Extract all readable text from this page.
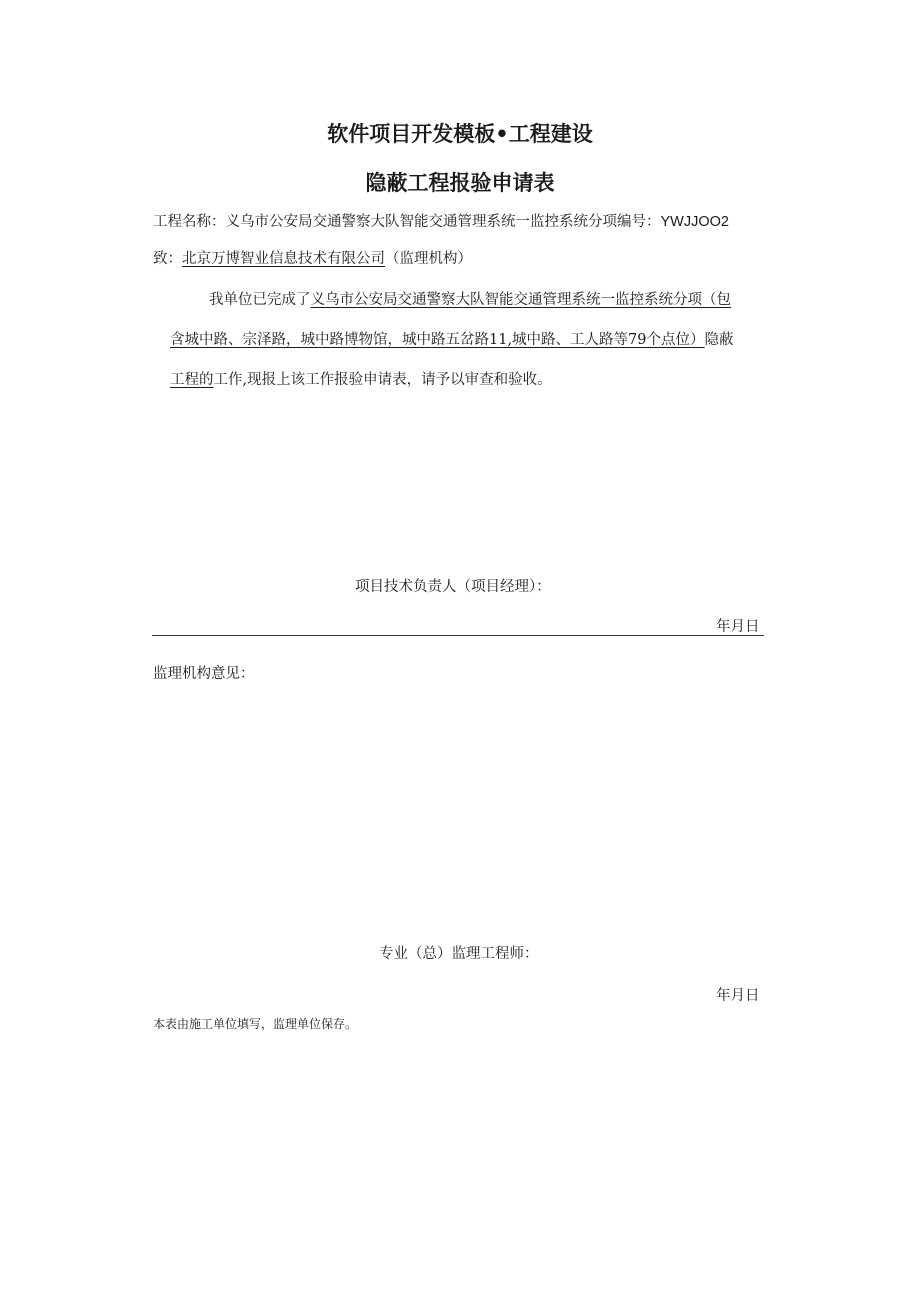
软件项目开发模板•工程建设
隐蔽工程报验申请表
工程名称：义乌市公安局交通警察大队智能交通管理系统一监控系统分项编号：YWJJOO2
致：北京万博智业信息技术有限公司（监理机构）
我单位已完成了义乌市公安局交通警察大队智能交通管理系统一监控系统分项（包
含城中路、宗泽路，城中路博物馆，城中路五岔路11,城中路、工人路等79个点位）隐蔽
工程的工作,现报上该工作报验申请表，请予以审查和验收。
项目技术负责人（项目经理）：
年月日
监理机构意见：
专业（总）监理工程师：
年月日
本表由施工单位填写，监理单位保存。
